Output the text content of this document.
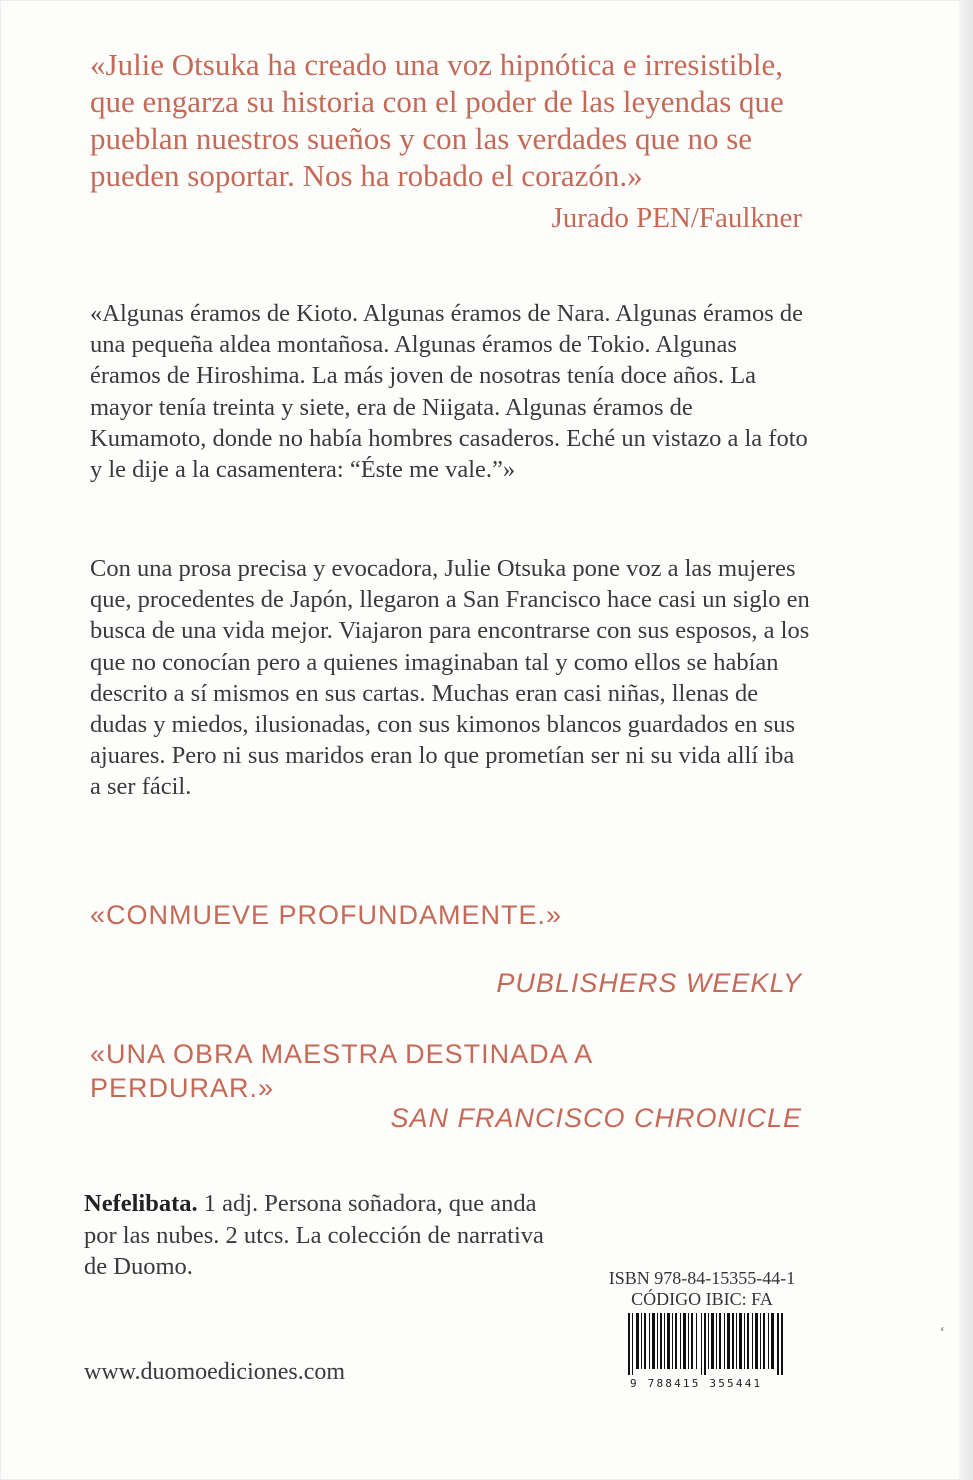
«Julie Otsuka ha creado una voz hipnótica e irresistible, que engarza su historia con el poder de las leyendas que pueblan nuestros sueños y con las verdades que no se pueden soportar. Nos ha robado el corazón.»
Jurado PEN/Faulkner
«Algunas éramos de Kioto. Algunas éramos de Nara. Algunas éramos de una pequeña aldea montañosa. Algunas éramos de Tokio. Algunas éramos de Hiroshima. La más joven de nosotras tenía doce años. La mayor tenía treinta y siete, era de Niigata. Algunas éramos de Kumamoto, donde no había hombres casaderos. Eché un vistazo a la foto y le dije a la casamentera: “Éste me vale.”»
Con una prosa precisa y evocadora, Julie Otsuka pone voz a las mujeres que, procedentes de Japón, llegaron a San Francisco hace casi un siglo en busca de una vida mejor. Viajaron para encontrarse con sus esposos, a los que no conocían pero a quienes imaginaban tal y como ellos se habían descrito a sí mismos en sus cartas. Muchas eran casi niñas, llenas de dudas y miedos, ilusionadas, con sus kimonos blancos guardados en sus ajuares. Pero ni sus maridos eran lo que prometían ser ni su vida allí iba a ser fácil.
«CONMUEVE PROFUNDAMENTE.»
PUBLISHERS WEEKLY
«UNA OBRA MAESTRA DESTINADA A PERDURAR.»
SAN FRANCISCO CHRONICLE
Nefelibata. 1 adj. Persona soñadora, que anda por las nubes. 2 utcs. La colección de narrativa de Duomo.
www.duomoediciones.com
ISBN 978-84-15355-44-1
CÓDIGO IBIC: FA
9 788415 355441
ʻ
